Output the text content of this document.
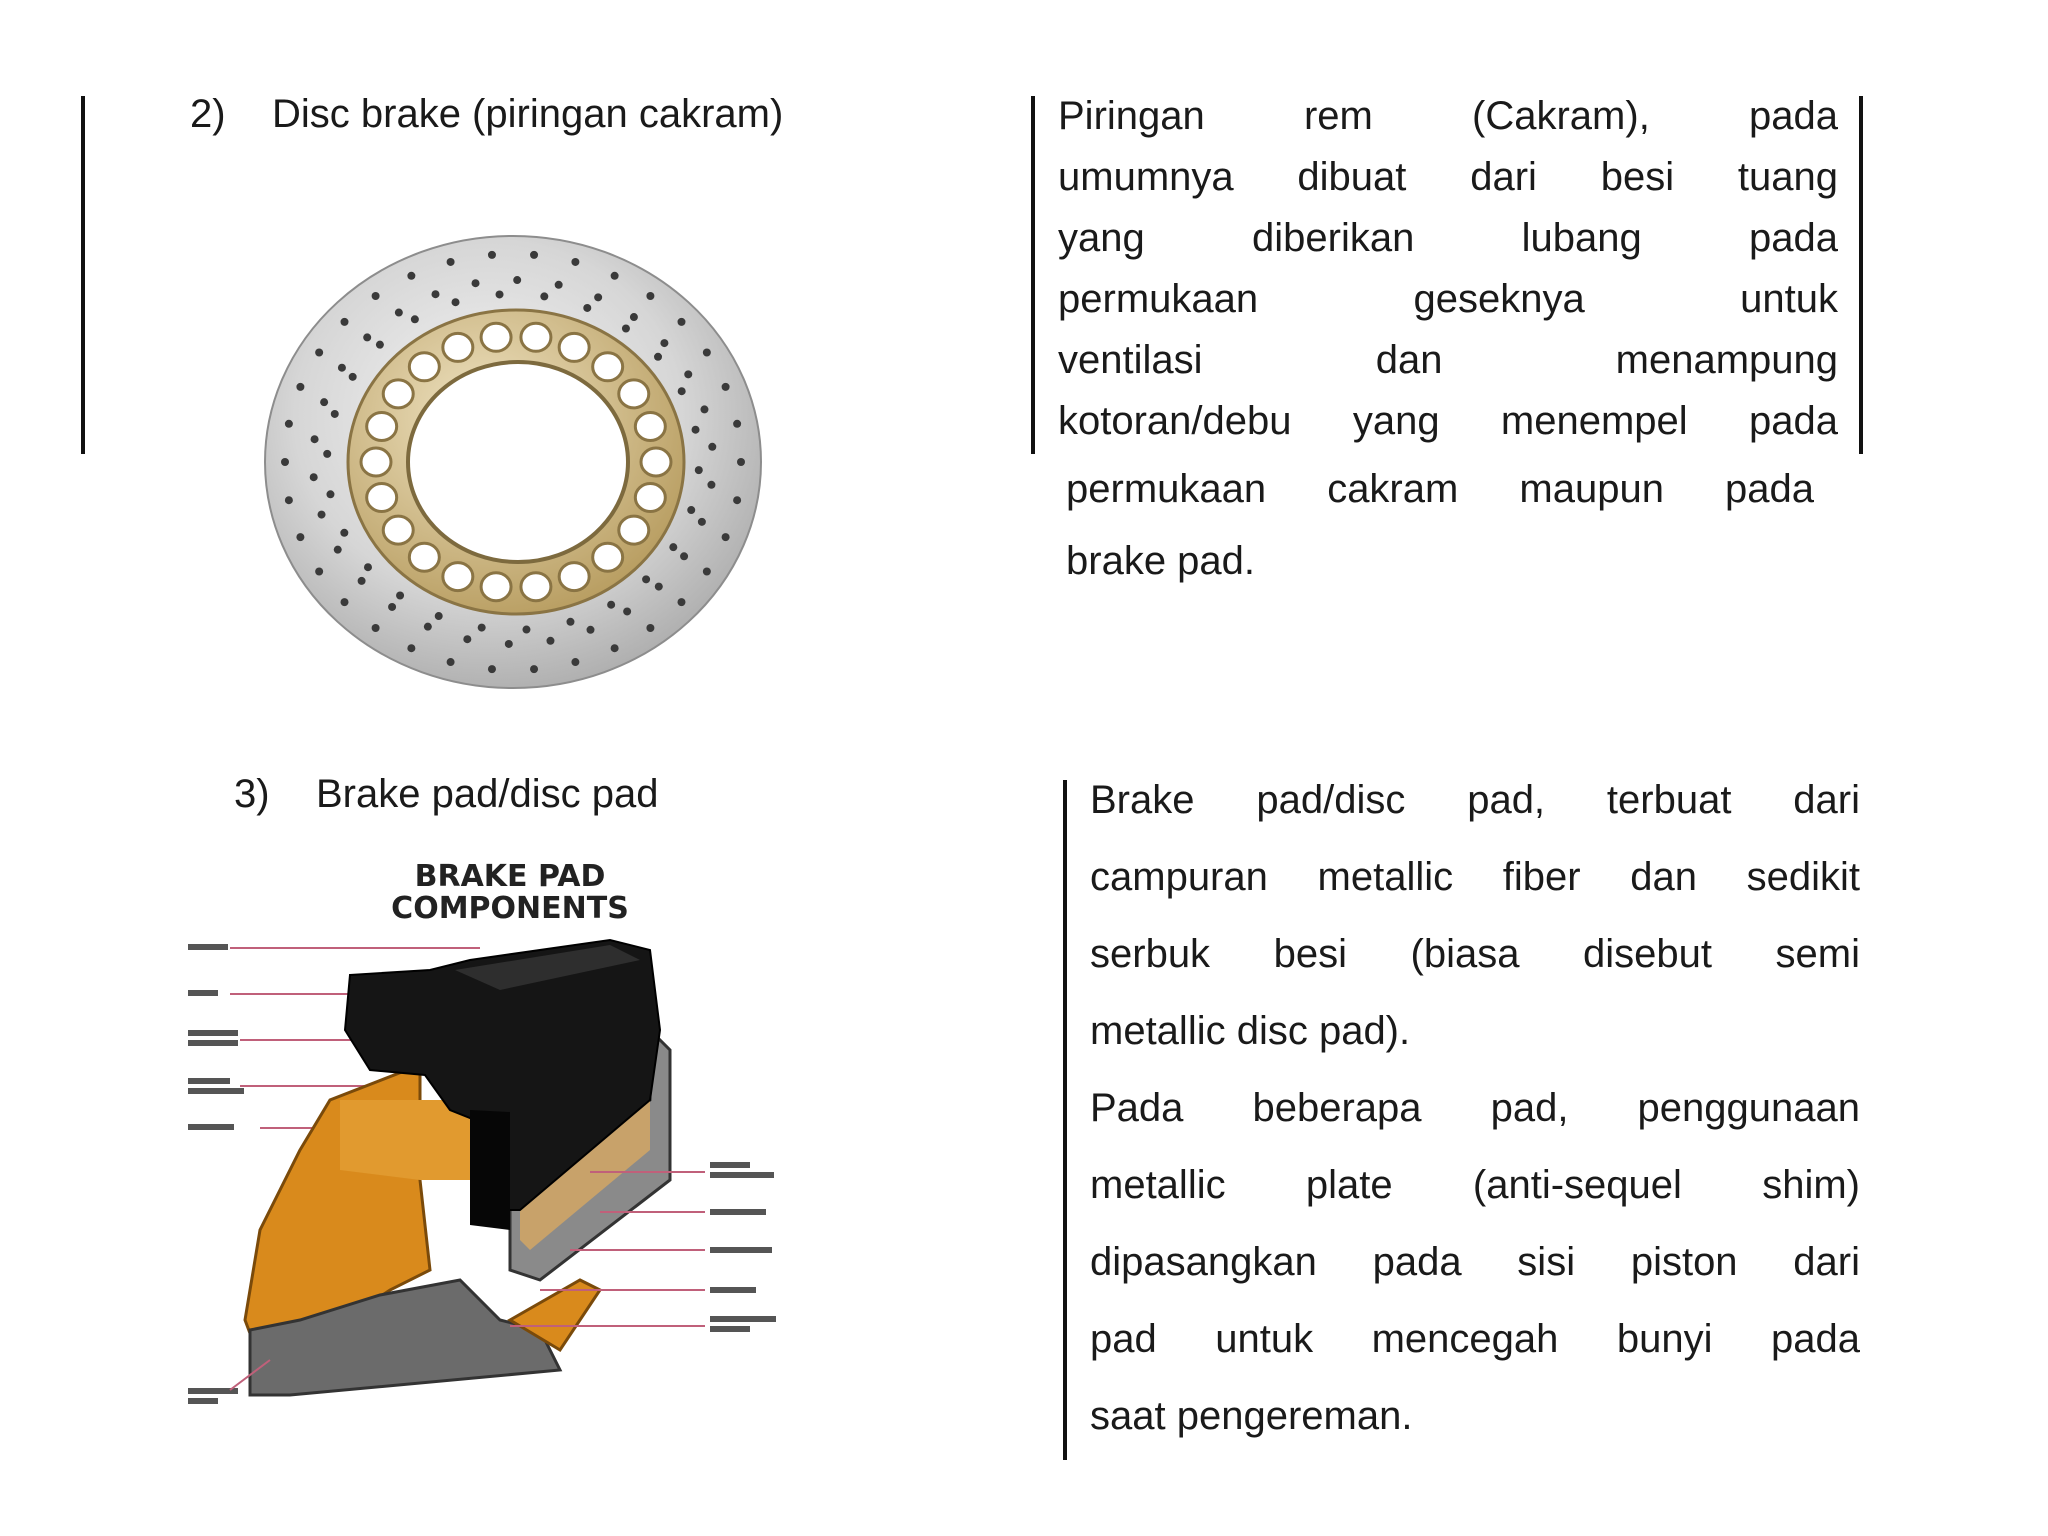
2) Disc brake (piringan cakram)	Piringan rem (Cakram), pada
umumnya dibuat dari besi tuang
yang diberikan lubang pada
permukaan geseknya untuk
ventilasi dan menampung
kotoran/debu yang menempel pada
permukaan cakram maupun pada
brake pad.
3) Brake pad/disc pad
BRAKE PAD
COMPONENTS
Brake pad/disc pad, terbuat dari
campuran metallic fiber dan sedikit
serbuk besi (biasa disebut semi
metallic disc pad).
Pada beberapa pad, penggunaan
metallic plate (anti-sequel shim)
dipasangkan pada sisi piston dari
pad untuk mencegah bunyi pada
saat pengereman.
